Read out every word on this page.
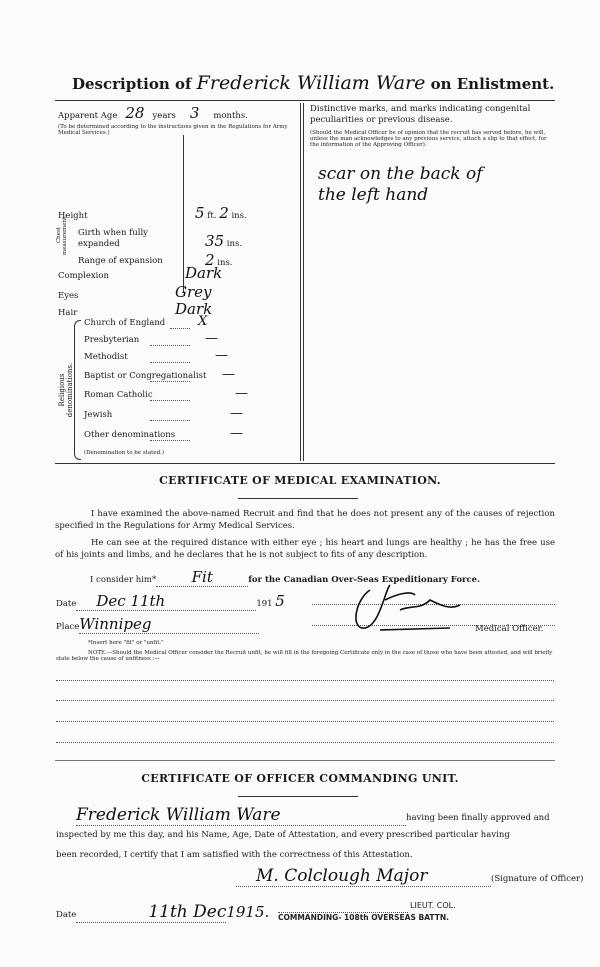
Description of Frederick William Ware on Enlistment.
Apparent Age 28 years 3 months.
(To be determined according to the instructions given in the Regulations for Army Medical Services.)
Height	5 ft. 2 ins.
Chest measurement. Girth when fully expanded	35 ins.
Range of expansion	2 ins.
Complexion	Dark
Eyes	Grey
Hair	Dark
Religious denominations.
Church of England	X
Presbyterian	—
Methodist	—
Baptist or Congregationalist —
Roman Catholic	—
Jewish	—
Other denominations	—
(Denomination to be stated.)
Distinctive marks, and marks indicating congenital peculiarities or previous disease.
(Should the Medical Officer be of opinion that the recruit has served before, he will, unless the man acknowledges to any previous service, attach a slip to that effect, for the information of the Approving Officer).
scar on the back of
the left hand
CERTIFICATE OF MEDICAL EXAMINATION.
I have examined the above-named Recruit and find that he does not present any of the causes of rejection specified in the Regulations for Army Medical Services.
He can see at the required distance with either eye ; his heart and lungs are healthy ; he has the free use of his joints and limbs, and he declares that he is not subject to fits of any description.
I consider him* Fit	for the Canadian Over-Seas Expeditionary Force.
Date Dec 11th	191 5
PlaceWinnipeg	Medical Officer.
*Insert here "fit" or "unfit."
NOTE.—Should the Medical Officer consider the Recruit unfit, he will fill in the foregoing Certificate only in the case of those who have been attested, and will briefly state below the cause of unfitness :—
CERTIFICATE OF OFFICER COMMANDING UNIT.
Frederick William Ware	having been finally approved and
inspected by me this day, and his Name, Age, Date of Attestation, and every prescribed particular having
been recorded, I certify that I am satisfied with the correctness of this Attestation.
M. Colclough Major	(Signature of Officer)
Date	11th Dec1915.	LIEUT. COL.
COMMANDING- 108th OVERSEAS BATTN.
